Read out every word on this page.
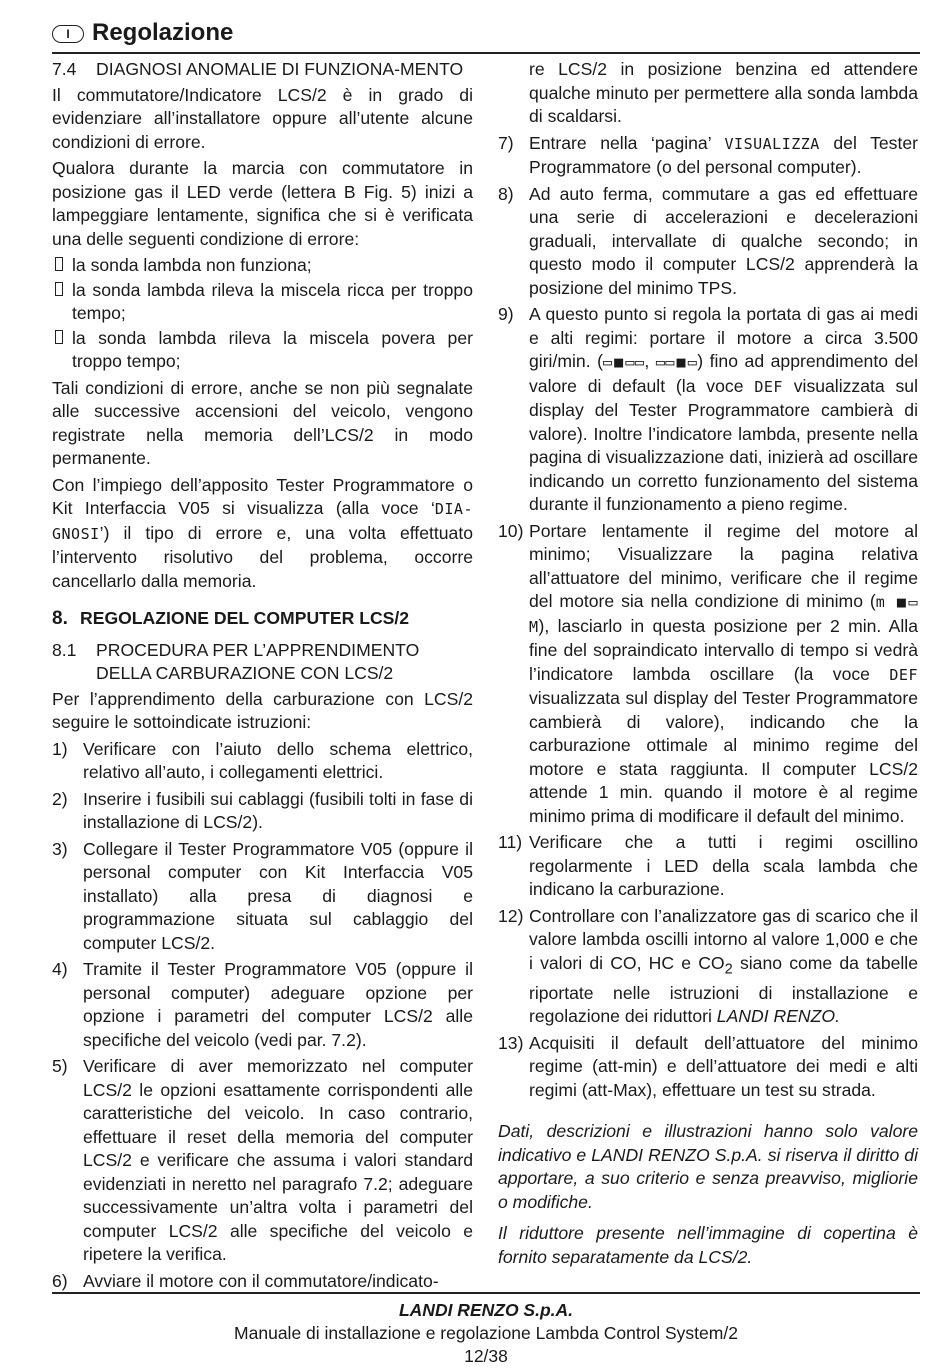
I Regolazione
7.4	DIAGNOSI ANOMALIE DI FUNZIONA-MENTO

Il commutatore/Indicatore LCS/2 è in grado di evidenziare all’installatore oppure all’utente alcune condizioni di errore.

Qualora durante la marcia con commutatore in posizione gas il LED verde (lettera B Fig. 5) inizi a lampeggiare lentamente, significa che si è verificata una delle seguenti condizione di errore:

la sonda lambda non funziona;
la sonda lambda rileva la miscela ricca per troppo tempo;
la sonda lambda rileva la miscela povera per troppo tempo;

Tali condizioni di errore, anche se non più segnalate alle successive accensioni del veicolo, vengono registrate nella memoria dell’LCS/2 in modo permanente.

Con l’impiego dell’apposito Tester Programmatore o Kit Interfaccia V05 si visualizza (alla voce ‘DIA-GNOSI’) il tipo di errore e, una volta effettuato l’intervento risolutivo del problema, occorre cancellarlo dalla memoria.

8. REGOLAZIONE DEL COMPUTER LCS/2
8.1	PROCEDURA PER L’APPRENDIMENTO DELLA CARBURAZIONE CON LCS/2

Per l’apprendimento della carburazione con LCS/2 seguire le sottoindicate istruzioni:

1) Verificare con l’aiuto dello schema elettrico, relativo all’auto, i collegamenti elettrici.
2) Inserire i fusibili sui cablaggi (fusibili tolti in fase di installazione di LCS/2).
3) Collegare il Tester Programmatore V05 (oppure il personal computer con Kit Interfaccia V05 installato) alla presa di diagnosi e programmazione situata sul cablaggio del computer LCS/2.
4) Tramite il Tester Programmatore V05 (oppure il personal computer) adeguare opzione per opzione i parametri del computer LCS/2 alle specifiche del veicolo (vedi par. 7.2).
5) Verificare di aver memorizzato nel computer LCS/2 le opzioni esattamente corrispondenti alle caratteristiche del veicolo. In caso contrario, effettuare il reset della memoria del computer LCS/2 e verificare che assuma i valori standard evidenziati in neretto nel paragrafo 7.2; adeguare successivamente un’altra volta i parametri del computer LCS/2 alle specifiche del veicolo e ripetere la verifica.
6) Avviare il motore con il commutatore/indicato-
re LCS/2 in posizione benzina ed attendere qualche minuto per permettere alla sonda lambda di scaldarsi.
7) Entrare nella ‘pagina’ VISUALIZZA del Tester Programmatore (o del personal computer).
8) Ad auto ferma, commutare a gas ed effettuare una serie di accelerazioni e decelerazioni graduali, intervallate di qualche secondo; in questo modo il computer LCS/2 apprenderà la posizione del minimo TPS.
9) A questo punto si regola la portata di gas ai medi e alti regimi: portare il motore a circa 3.500 giri/min. (▭■▭▭, ▭▭■▭) fino ad apprendimento del valore di default (la voce DEF visualizzata sul display del Tester Programmatore cambierà di valore). Inoltre l’indicatore lambda, presente nella pagina di visualizzazione dati, inizierà ad oscillare indicando un corretto funzionamento del sistema durante il funzionamento a pieno regime.
10) Portare lentamente il regime del motore al minimo; Visualizzare la pagina relativa all’attuatore del minimo, verificare che il regime del motore sia nella condizione di minimo (m ■▭ M), lasciarlo in questa posizione per 2 min. Alla fine del sopraindicato intervallo di tempo si vedrà l’indicatore lambda oscillare (la voce DEF visualizzata sul display del Tester Programmatore cambierà di valore), indicando che la carburazione ottimale al minimo regime del motore e stata raggiunta. Il computer LCS/2 attende 1 min. quando il motore è al regime minimo prima di modificare il default del minimo.
11) Verificare che a tutti i regimi oscillino regolarmente i LED della scala lambda che indicano la carburazione.
12) Controllare con l’analizzatore gas di scarico che il valore lambda oscilli intorno al valore 1,000 e che i valori di CO, HC e $CO_2$ siano come da tabelle riportate nelle istruzioni di installazione e regolazione dei riduttori LANDI RENZO.
13) Acquisiti il default dell’attuatore del minimo regime (att-min) e dell’attuatore dei medi e alti regimi (att-Max), effettuare un test su strada.

Dati, descrizioni e illustrazioni hanno solo valore indicativo e LANDI RENZO S.p.A. si riserva il diritto di apportare, a suo criterio e senza preavviso, migliorie o modifiche.

Il riduttore presente nell’immagine di copertina è fornito separatamente da LCS/2.

LANDI RENZO S.p.A.
Manuale di installazione e regolazione Lambda Control System/2
12/38
